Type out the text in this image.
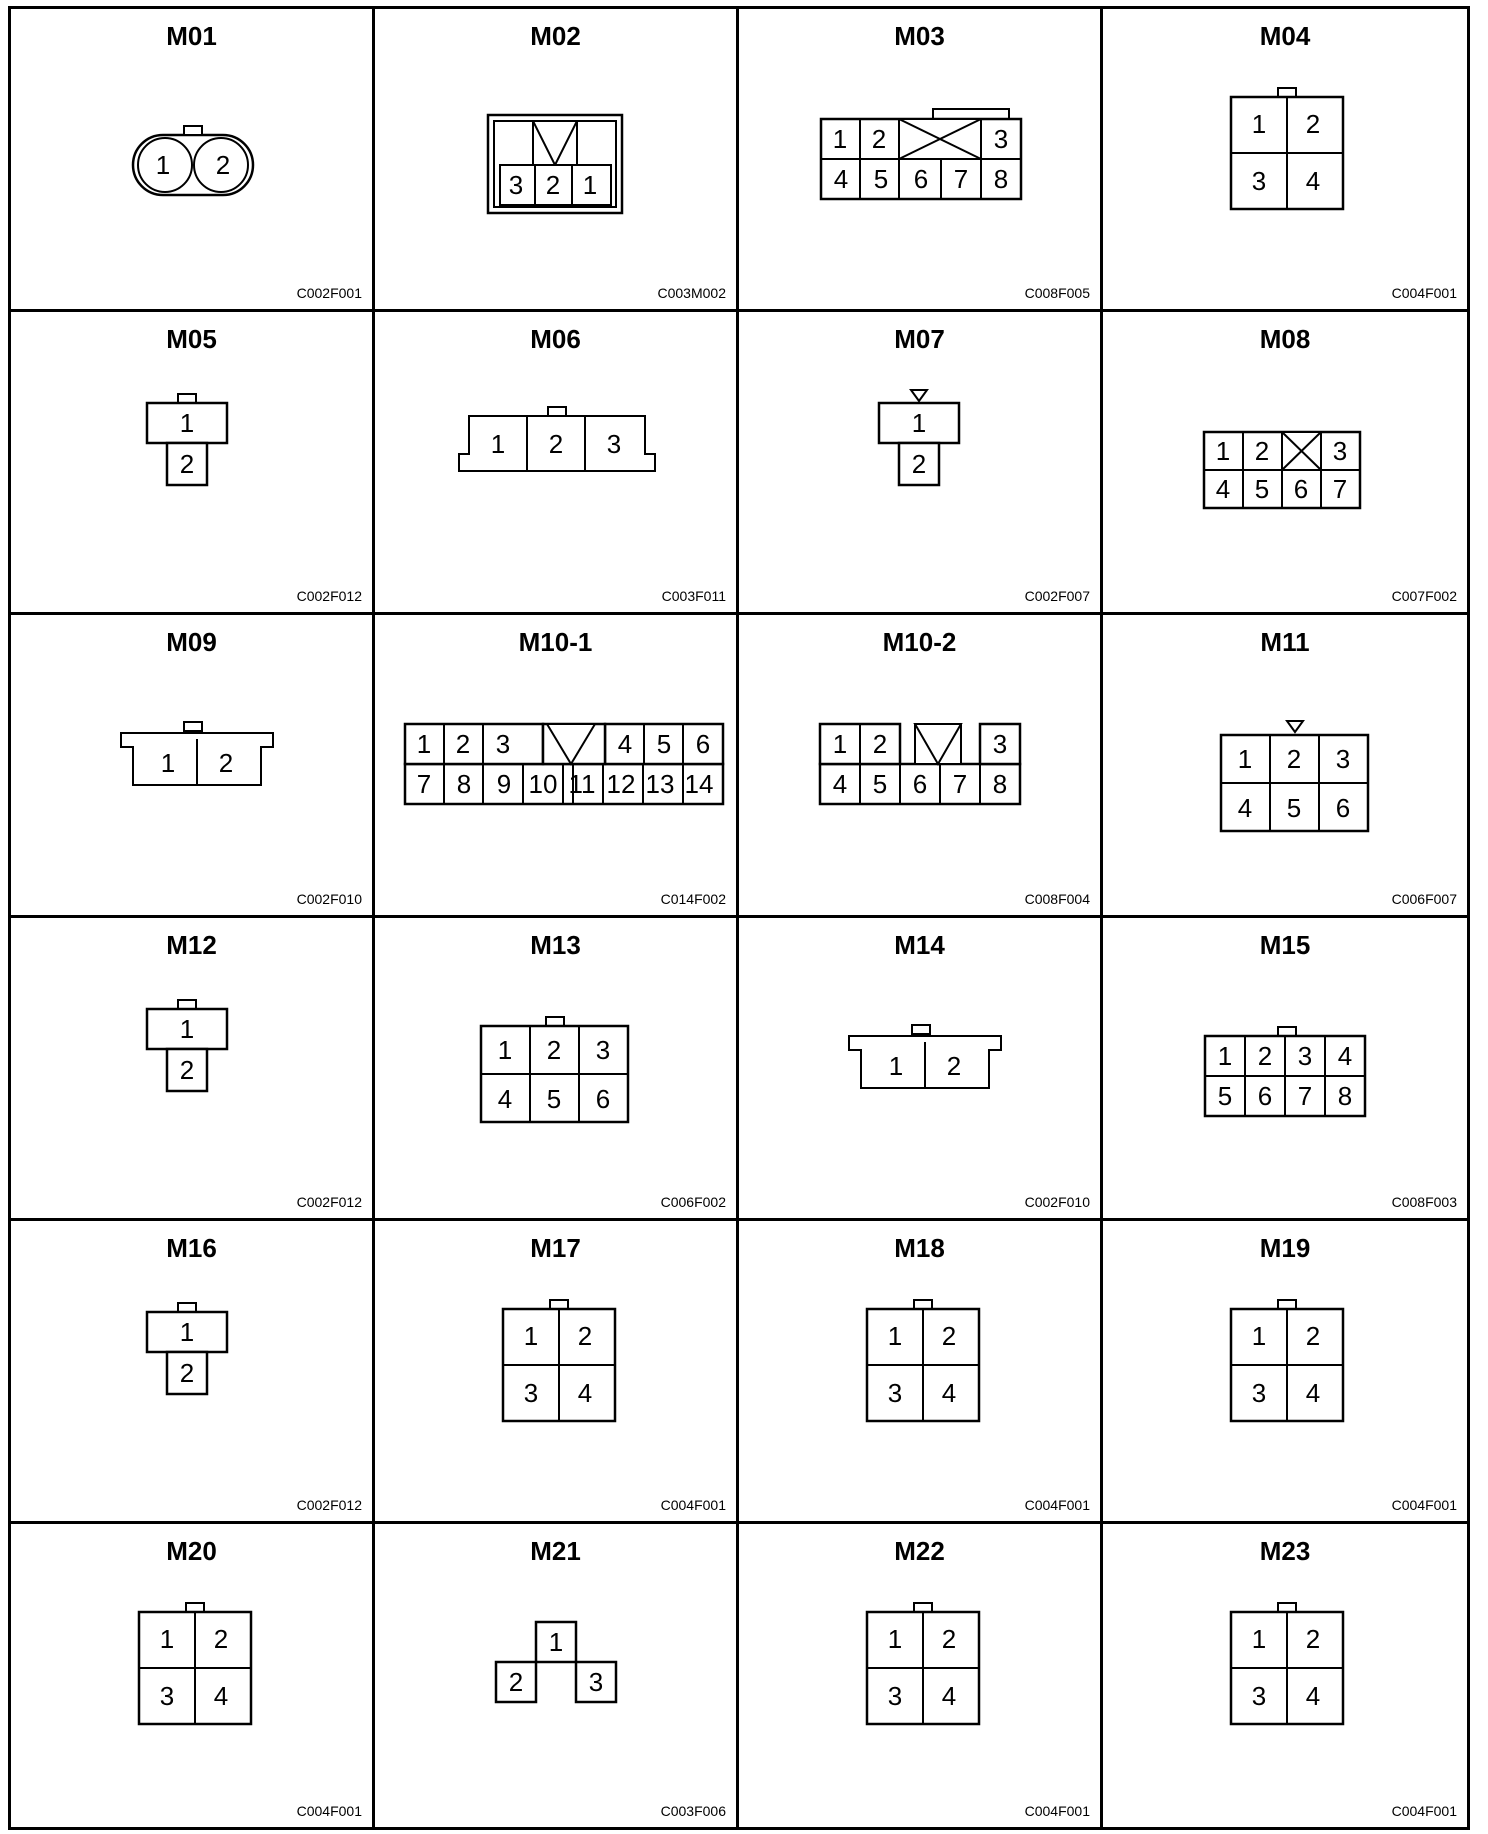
M01
1 2
C002F001
M02
3 2 1
C003M002
M03
1 2	3
4 5 6 7 8
C008F005
M04
1 2
3 4
C004F001
M05
1
2
C002F012
M06
1 2 3
C003F011
M07
1
2
C002F007
M08
1 2 3
4 5 6 7
C007F002
M09
1 2
C002F010
M10-1
1 2 3	4 5 6
7 8 9 10 11 12 13 14
C014F002
M10-2
1 2	3
4 5 6 7 8
C008F004
M11
1 2 3
4 5 6
C006F007
M12
1
2
C002F012
M13
1 2 3
4 5 6
C006F002
M14
1 2
C002F010
M15
1 2 3 4
5 6 7 8
C008F003
M16
1
2
C002F012
M17
1 2
3 4
C004F001
M18
1 2
3 4
C004F001
M19
1 2
3 4
C004F001
M20
1 2
3 4
C004F001
M21
1
2	3
C003F006
M22
1 2
3 4
C004F001
M23
1 2
3 4
C004F001
